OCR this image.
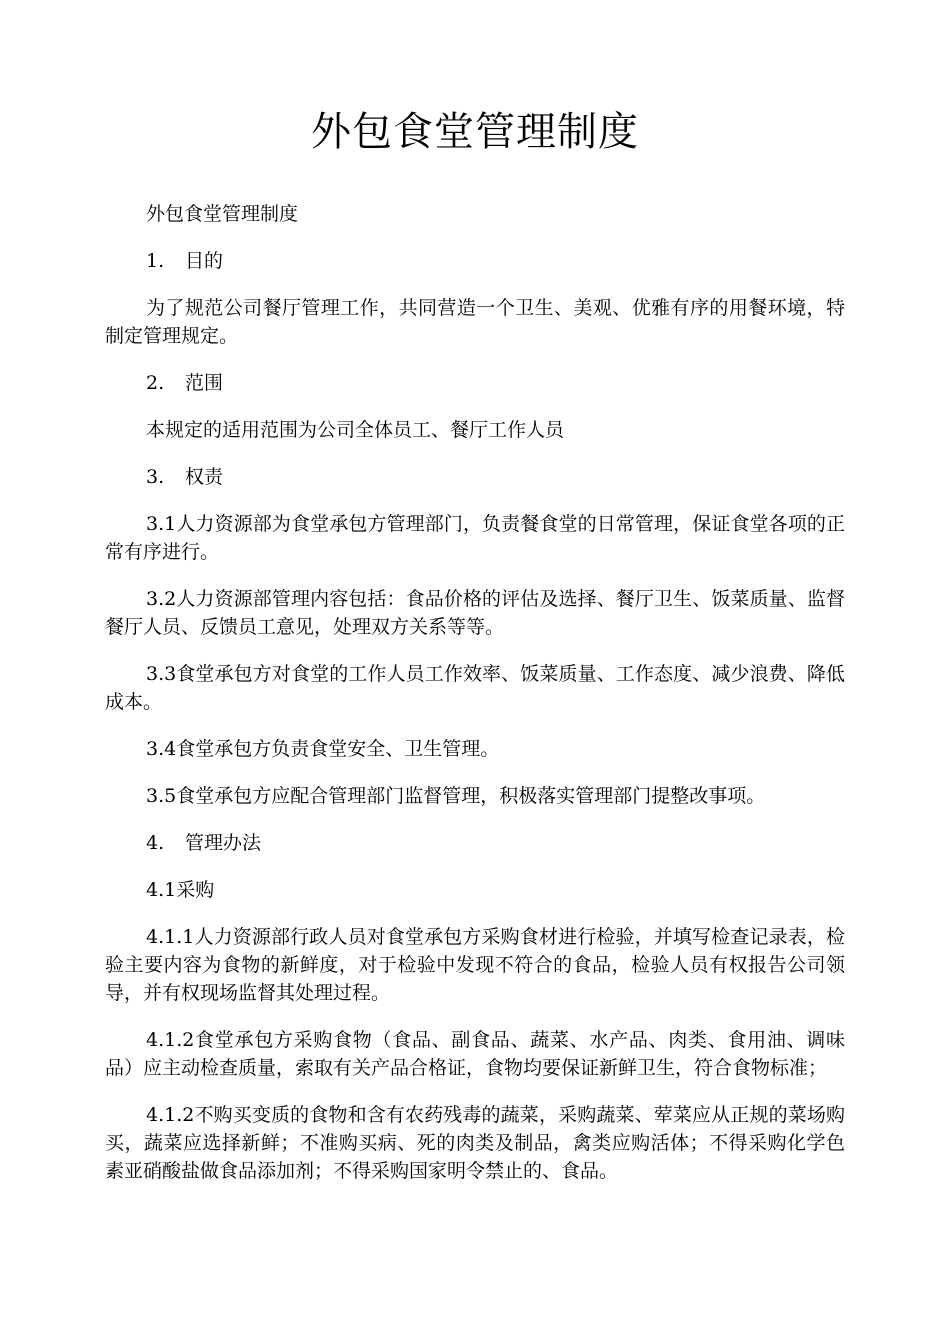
外包食堂管理制度

外包食堂管理制度

1. 目的

为了规范公司餐厅管理工作，共同营造一个卫生、美观、优雅有序的用餐环境，特制定管理规定。

2. 范围

本规定的适用范围为公司全体员工、餐厅工作人员

3. 权责

3.1人力资源部为食堂承包方管理部门，负责餐食堂的日常管理，保证食堂各项的正常有序进行。

3.2人力资源部管理内容包括：食品价格的评估及选择、餐厅卫生、饭菜质量、监督餐厅人员、反馈员工意见，处理双方关系等等。

3.3食堂承包方对食堂的工作人员工作效率、饭菜质量、工作态度、减少浪费、降低成本。

3.4食堂承包方负责食堂安全、卫生管理。

3.5食堂承包方应配合管理部门监督管理，积极落实管理部门提整改事项。

4. 管理办法

4.1采购

4.1.1人力资源部行政人员对食堂承包方采购食材进行检验，并填写检查记录表，检验主要内容为食物的新鲜度，对于检验中发现不符合的食品，检验人员有权报告公司领导，并有权现场监督其处理过程。

4.1.2食堂承包方采购食物（食品、副食品、蔬菜、水产品、肉类、食用油、调味品）应主动检查质量，索取有关产品合格证，食物均要保证新鲜卫生，符合食物标准；

4.1.2不购买变质的食物和含有农药残毒的蔬菜，采购蔬菜、荤菜应从正规的菜场购买，蔬菜应选择新鲜；不准购买病、死的肉类及制品，禽类应购活体；不得采购化学色素亚硝酸盐做食品添加剂；不得采购国家明令禁止的、食品。
